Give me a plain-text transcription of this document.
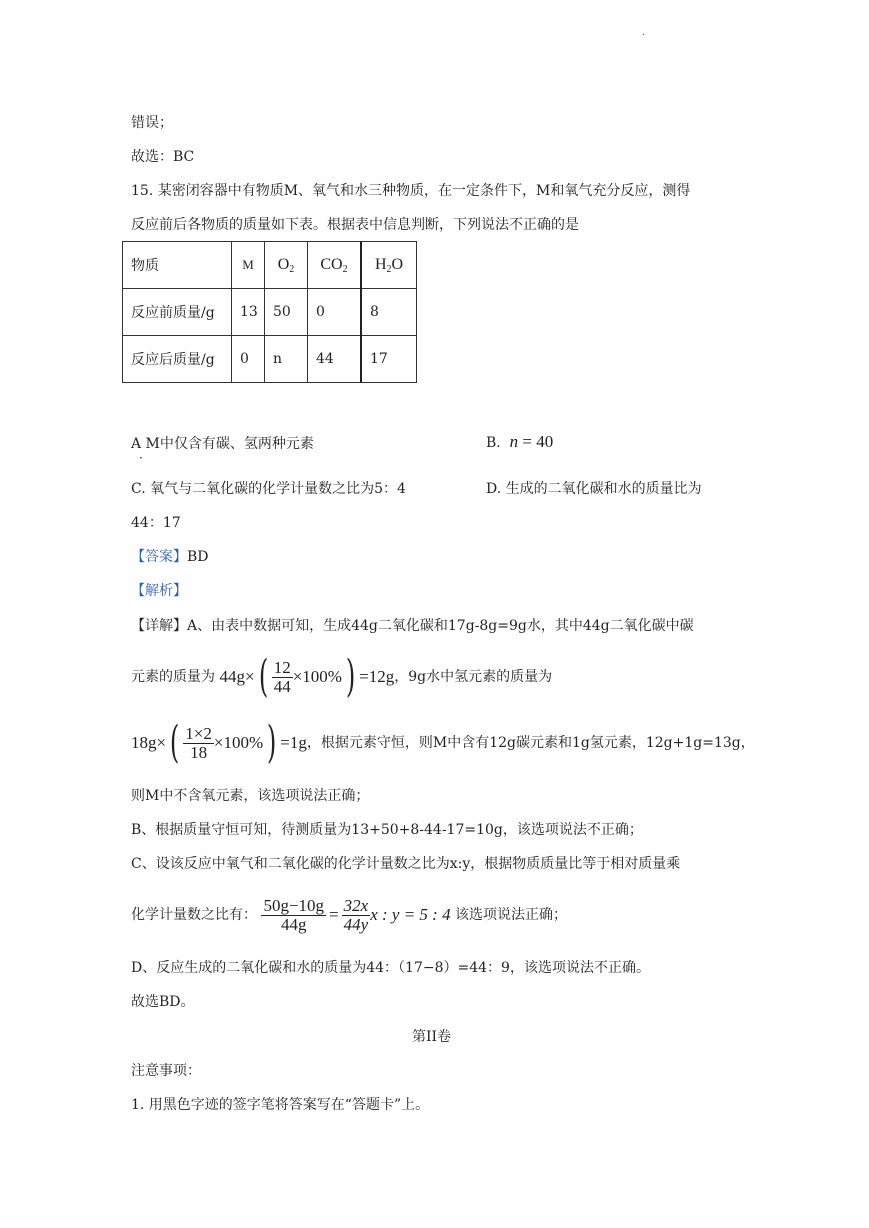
·
错误；
故选：BC
15. 某密闭容器中有物质M、氧气和水三种物质，在一定条件下，M和氧气充分反应，测得
反应前后各物质的质量如下表。根据表中信息判断，下列说法不正确的是
物质	M	$O_2$	$CO_2$	$H_2O$
反应前质量/g	13	50	0	8
反应后质量/g	0	n	44	17
A M中仅含有碳、氢两种元素
·
B. n = 40
C. 氧气与二氧化碳的化学计量数之比为5：4	D. 生成的二氧化碳和水的质量比为
44：17
【答案】BD
【解析】
【详解】A、由表中数据可知，生成44g二氧化碳和17g-8g=9g水，其中44g二氧化碳中碳
元素的质量为 $44g\times( \frac{12}{44} \times 100\%) =12g$，9g水中氢元素的质量为
$18g\times( \frac{1\times 2}{18} \times 100\%) =1g$，根据元素守恒，则M中含有12g碳元素和1g氢元素，12g+1g=13g，
则M中不含氧元素，该选项说法正确；
B、根据质量守恒可知，待测质量为13+50+8-44-17=10g，该选项说法不正确；
C、设该反应中氧气和二氧化碳的化学计量数之比为x:y，根据物质质量比等于相对质量乘
化学计量数之比有： $\frac{50g-10g}{44g} = \frac{32x}{44y}$ x : y = 5 : 4 该选项说法正确；
D、反应生成的二氧化碳和水的质量为44：（17−8）=44：9，该选项说法不正确。
故选BD。
第II卷
注意事项：
1. 用黑色字迹的签字笔将答案写在“答题卡”上。
